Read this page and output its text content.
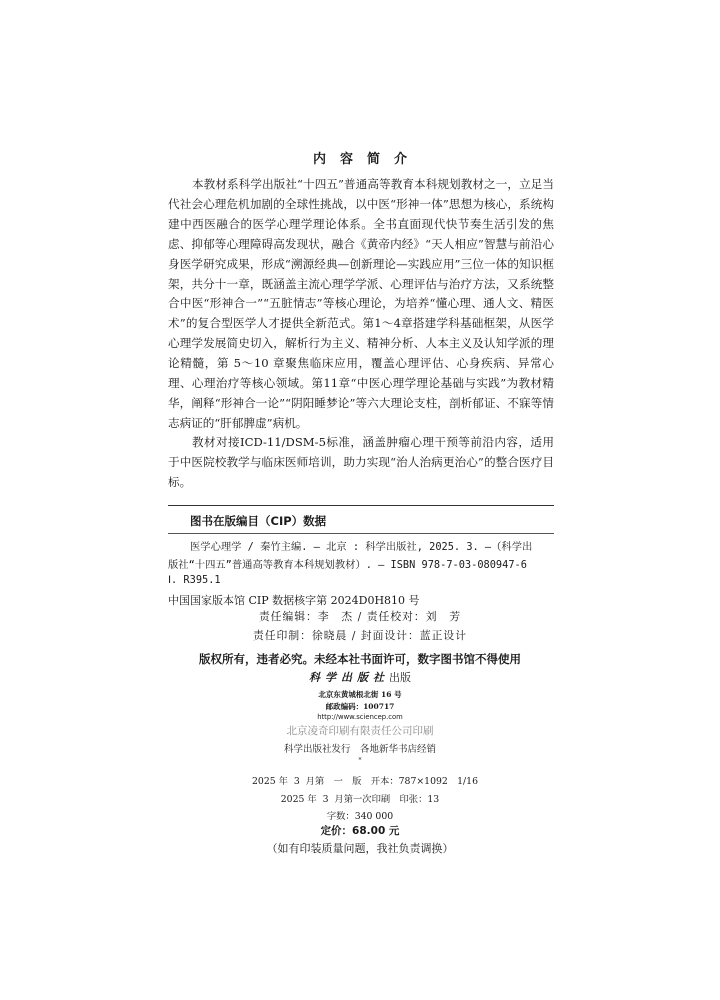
内容简介

本教材系科学出版社“十四五”普通高等教育本科规划教材之一，立足当代社会心理危机加剧的全球性挑战，以中医“形神一体”思想为核心，系统构建中西医融合的医学心理学理论体系。全书直面现代快节奏生活引发的焦虑、抑郁等心理障碍高发现状，融合《黄帝内经》“天人相应”智慧与前沿心身医学研究成果，形成“溯源经典—创新理论—实践应用”三位一体的知识框架，共分十一章，既涵盖主流心理学学派、心理评估与治疗方法，又系统整合中医“形神合一”“五脏情志”等核心理论，为培养“懂心理、通人文、精医术”的复合型医学人才提供全新范式。第1～4章搭建学科基础框架，从医学心理学发展简史切入，解析行为主义、精神分析、人本主义及认知学派的理论精髓，第 5～10 章聚焦临床应用，覆盖心理评估、心身疾病、异常心理、心理治疗等核心领域。第11章“中医心理学理论基础与实践”为教材精华，阐释“形神合一论”“阴阳睡梦论”等六大理论支柱，剖析郁证、不寐等情志病证的“肝郁脾虚”病机。

教材对接ICD-11/DSM-5标准，涵盖肿瘤心理干预等前沿内容，适用于中医院校教学与临床医师培训，助力实现“治人治病更治心”的整合医疗目标。

图书在版编目（CIP）数据
医学心理学 / 秦竹主编. — 北京 : 科学出版社, 2025. 3. —（科学出
版社“十四五”普通高等教育本科规划教材）. — ISBN 978-7-03-080947-6
Ⅰ. R395.1
中国国家版本馆 CIP 数据核字第 2024D0H810 号
责任编辑：李　杰 / 责任校对：刘　芳
责任印制：徐晓晨 / 封面设计：蓝正设计
版权所有，违者必究。未经本社书面许可，数字图书馆不得使用
科学出版社出版
北京东黄城根北街 16 号
邮政编码：100717
http://www.sciencep.com
北京凌奇印刷有限责任公司印刷
科学出版社发行　各地新华书店经销
*
2025 年  3  月第　一　版　开本：787×1092　1/16
2025 年  3  月第一次印刷　印张：13
字数：340 000
定价：68.00 元
（如有印装质量问题，我社负责调换）
